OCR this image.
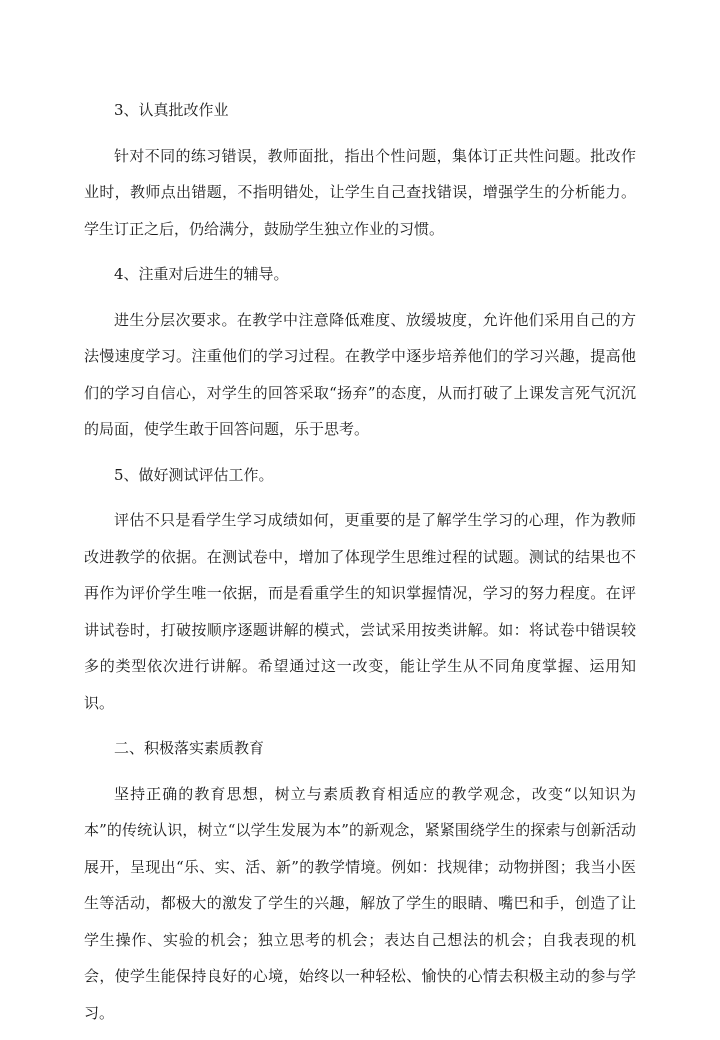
3、认真批改作业

针对不同的练习错误，教师面批，指出个性问题，集体订正共性问题。批改作业时，教师点出错题，不指明错处，让学生自己查找错误，增强学生的分析能力。学生订正之后，仍给满分，鼓励学生独立作业的习惯。

4、注重对后进生的辅导。

进生分层次要求。在教学中注意降低难度、放缓坡度，允许他们采用自己的方法慢速度学习。注重他们的学习过程。在教学中逐步培养他们的学习兴趣，提高他们的学习自信心，对学生的回答采取“扬弃”的态度，从而打破了上课发言死气沉沉的局面，使学生敢于回答问题，乐于思考。

5、做好测试评估工作。

评估不只是看学生学习成绩如何，更重要的是了解学生学习的心理，作为教师改进教学的依据。在测试卷中，增加了体现学生思维过程的试题。测试的结果也不再作为评价学生唯一依据，而是看重学生的知识掌握情况，学习的努力程度。在评讲试卷时，打破按顺序逐题讲解的模式，尝试采用按类讲解。如：将试卷中错误较多的类型依次进行讲解。希望通过这一改变，能让学生从不同角度掌握、运用知识。

二、积极落实素质教育

坚持正确的教育思想，树立与素质教育相适应的教学观念，改变“以知识为本”的传统认识，树立“以学生发展为本”的新观念，紧紧围绕学生的探索与创新活动展开，呈现出“乐、实、活、新”的教学情境。例如：找规律；动物拼图；我当小医生等活动，都极大的激发了学生的兴趣，解放了学生的眼睛、嘴巴和手，创造了让学生操作、实验的机会；独立思考的机会；表达自己想法的机会；自我表现的机会，使学生能保持良好的心境，始终以一种轻松、愉快的心情去积极主动的参与学习。
